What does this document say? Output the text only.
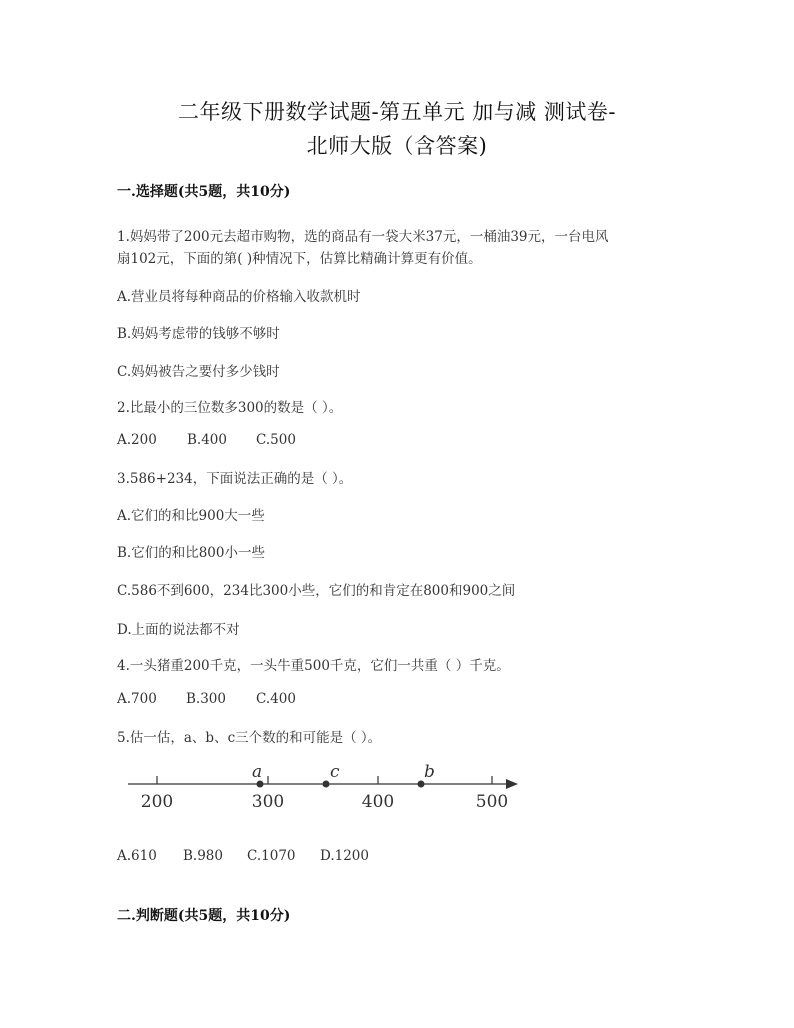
二年级下册数学试题-第五单元 加与减 测试卷-
北师大版（含答案)
一.选择题(共5题，共10分)
1.妈妈带了200元去超市购物，选的商品有一袋大米37元，一桶油39元，一台电风
扇102元，下面的第( )种情况下，估算比精确计算更有价值。
A.营业员将每种商品的价格输入收款机时
B.妈妈考虑带的钱够不够时
C.妈妈被告之要付多少钱时
2.比最小的三位数多300的数是（ ）。
A.200 B.400 C.500
3.586+234，下面说法正确的是（ ）。
A.它们的和比900大一些
B.它们的和比800小一些
C.586不到600，234比300小些，它们的和肯定在800和900之间
D.上面的说法都不对
4.一头猪重200千克，一头牛重500千克，它们一共重（ ）千克。
A.700 B.300 C.400
5.估一估，a、b、c三个数的和可能是（ ）。
200	300	400	500
a	c	b
A.610 B.980 C.1070 D.1200
二.判断题(共5题，共10分)
